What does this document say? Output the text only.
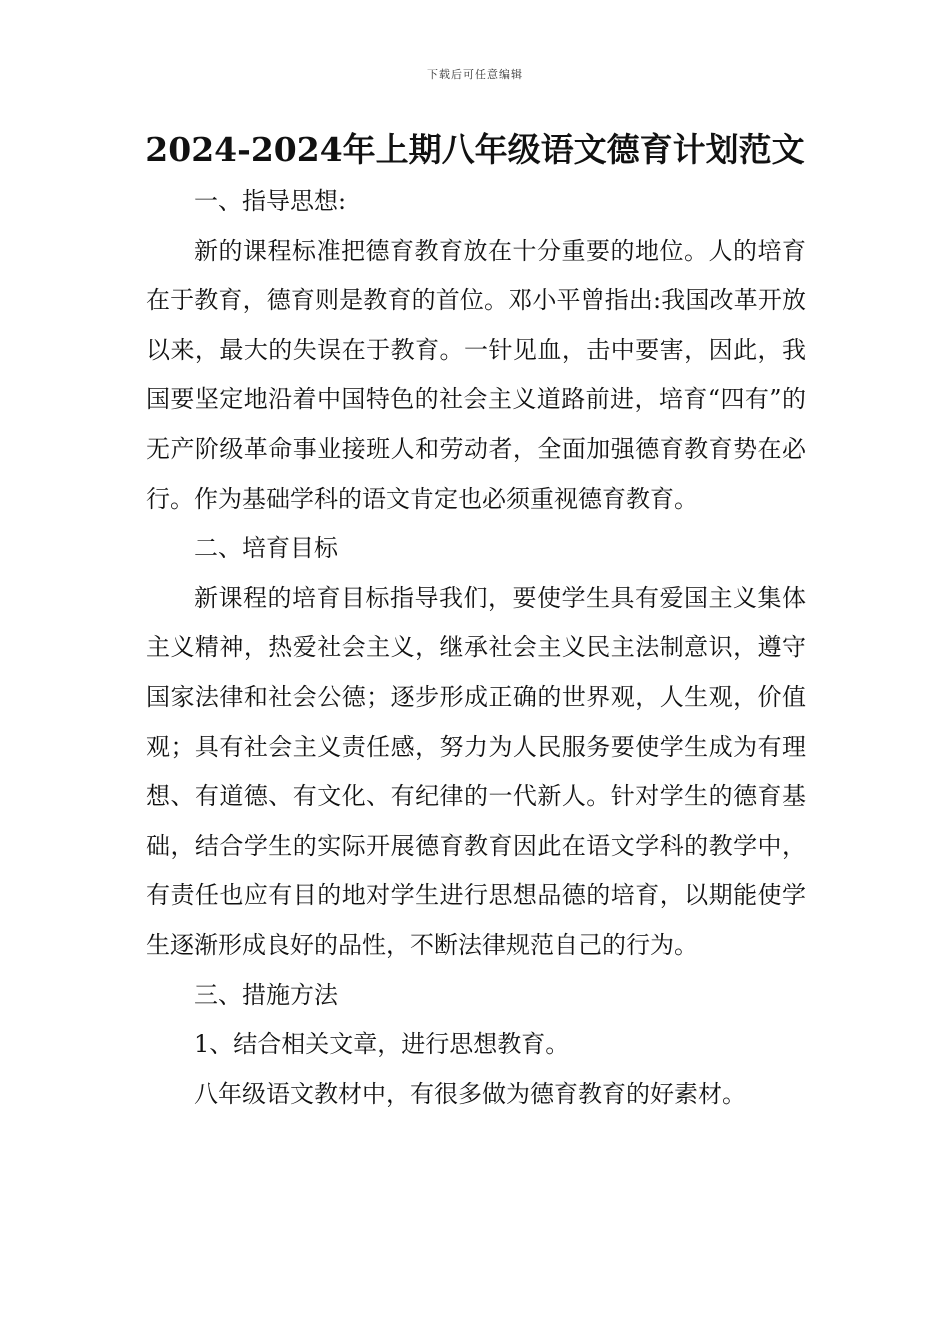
下载后可任意编辑
2024-2024年上期八年级语文德育计划范文

一、指导思想:

新的课程标准把德育教育放在十分重要的地位。人的培育在于教育，德育则是教育的首位。邓小平曾指出:我国改革开放以来，最大的失误在于教育。一针见血，击中要害，因此，我国要坚定地沿着中国特色的社会主义道路前进，培育“四有”的无产阶级革命事业接班人和劳动者，全面加强德育教育势在必行。作为基础学科的语文肯定也必须重视德育教育。

二、培育目标

新课程的培育目标指导我们，要使学生具有爱国主义集体主义精神，热爱社会主义，继承社会主义民主法制意识，遵守国家法律和社会公德；逐步形成正确的世界观，人生观，价值观；具有社会主义责任感，努力为人民服务要使学生成为有理想、有道德、有文化、有纪律的一代新人。针对学生的德育基础，结合学生的实际开展德育教育因此在语文学科的教学中，有责任也应有目的地对学生进行思想品德的培育，以期能使学生逐渐形成良好的品性，不断法律规范自己的行为。

三、措施方法

1、结合相关文章，进行思想教育。

八年级语文教材中，有很多做为德育教育的好素材。
